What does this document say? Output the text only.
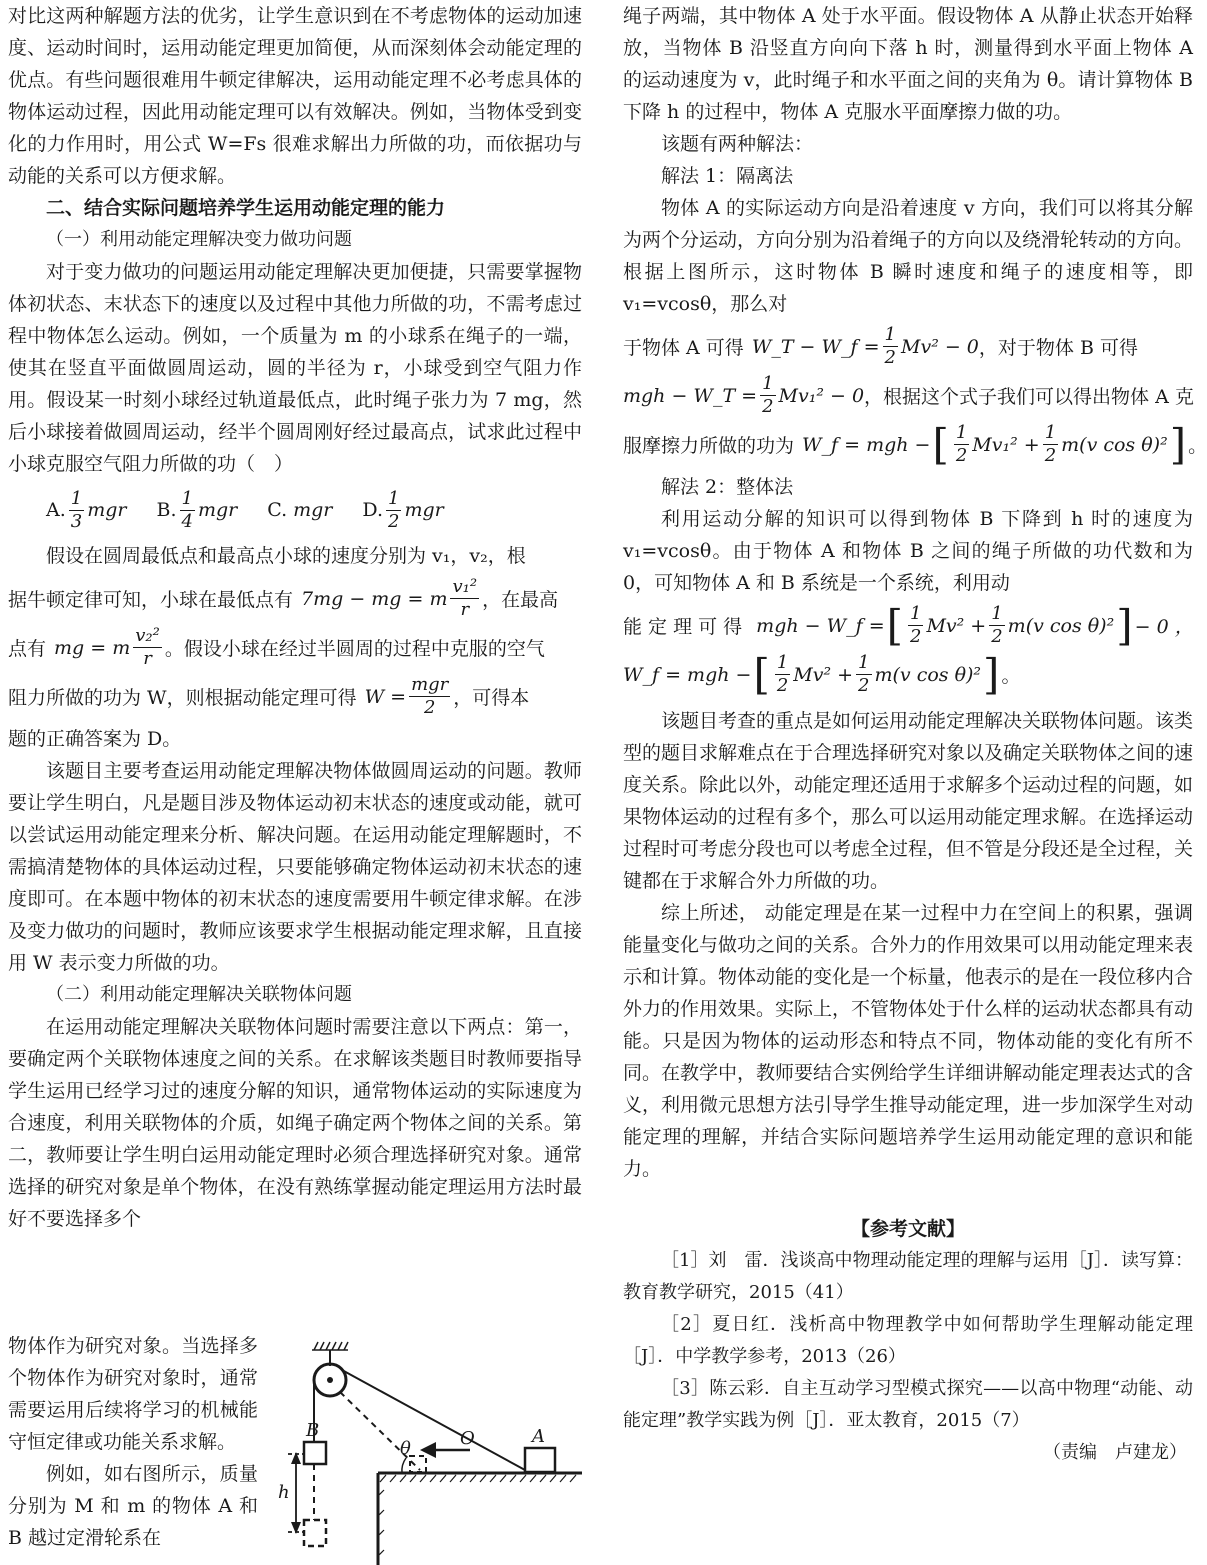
对比这两种解题方法的优劣，让学生意识到在不考虑物体的运动加速度、运动时间时，运用动能定理更加简便，从而深刻体会动能定理的优点。有些问题很难用牛顿定律解决，运用动能定理不必考虑具体的物体运动过程，因此用动能定理可以有效解决。例如，当物体受到变化的力作用时，用公式 W=Fs 很难求解出力所做的功，而依据功与动能的关系可以方便求解。

二、结合实际问题培养学生运用动能定理的能力

（一）利用动能定理解决变力做功问题

对于变力做功的问题运用动能定理解决更加便捷，只需要掌握物体初状态、末状态下的速度以及过程中其他力所做的功，不需考虑过程中物体怎么运动。例如，一个质量为 m 的小球系在绳子的一端，使其在竖直平面做圆周运动，圆的半径为 r，小球受到空气阻力作用。假设某一时刻小球经过轨道最低点，此时绳子张力为 7 mg，然后小球接着做圆周运动，经半个圆周刚好经过最高点，试求此过程中小球克服空气阻力所做的功（　）

A. $\frac{1}{3}$ mgr B. $\frac{1}{4}$ mgr C. mgr D. $\frac{1}{2}$ mgr

假设在圆周最低点和最高点小球的速度分别为 v₁，v₂，根

据牛顿定律可知，小球在最低点有 7mg − mg = m $\frac{\text{v₁²}}{r}$ ，在最高
点有 mg = m $\frac{\text{v₂²}}{r}$ 。假设小球在经过半圆周的过程中克服的空气
阻力所做的功为 W，则根据动能定理可得 $W = \frac{\text{mgr}}{2}$ ，可得本

题的正确答案为 D。

该题目主要考查运用动能定理解决物体做圆周运动的问题。教师要让学生明白，凡是题目涉及物体运动初末状态的速度或动能，就可以尝试运用动能定理来分析、解决问题。在运用动能定理解题时，不需搞清楚物体的具体运动过程，只要能够确定物体运动初末状态的速度即可。在本题中物体的初末状态的速度需要用牛顿定律求解。在涉及变力做功的问题时，教师应该要求学生根据动能定理求解，且直接用 W 表示变力所做的功。

（二）利用动能定理解决关联物体问题

在运用动能定理解决关联物体问题时需要注意以下两点：第一，要确定两个关联物体速度之间的关系。在求解该类题目时教师要指导学生运用已经学习过的速度分解的知识，通常物体运动的实际速度为合速度，利用关联物体的介质，如绳子确定两个物体之间的关系。第二，教师要让学生明白运用动能定理时必须合理选择研究对象。通常选择的研究对象是单个物体，在没有熟练掌握动能定理运用方法时最好不要选择多个

物体作为研究对象。当选择多个物体作为研究对象时，通常需要运用后续将学习的机械能守恒定律或功能关系求解。

例如，如右图所示，质量分别为 M 和 m 的物体 A 和 B 越过定滑轮系在

B	A
O
θ
h

绳子两端，其中物体 A 处于水平面。假设物体 A 从静止状态开始释放，当物体 B 沿竖直方向向下落 h 时，测量得到水平面上物体 A 的运动速度为 v，此时绳子和水平面之间的夹角为 θ。请计算物体 B 下降 h 的过程中，物体 A 克服水平面摩擦力做的功。

该题有两种解法：

解法 1：隔离法

物体 A 的实际运动方向是沿着速度 v 方向，我们可以将其分解为两个分运动，方向分别为沿着绳子的方向以及绕滑轮转动的方向。根据上图所示，这时物体 B 瞬时速度和绳子的速度相等，即 v₁=vcosθ，那么对

于物体 A 可得 W_T − W_f = $\frac{1}{2} Mv^2 - 0$ ，对于物体 B 可得
mgh − W_T = $\frac{1}{2} Mv_1^2 - 0$ ，根据这个式子我们可以得出物体 A 克
服摩擦力所做的功为 W_f = mgh − [ $\frac{1}{2} Mv_1^2 + \frac{1}{2} m(v$ cos θ)² ] 。

解法 2：整体法

利用运动分解的知识可以得到物体 B 下降到 h 时的速度为 v₁=vcosθ。由于物体 A 和物体 B 之间的绳子所做的功代数和为 0，可知物体 A 和 B 系统是一个系统，利用动

能 定 理 可 得 mgh − W_f = [ $\frac{1}{2} Mv^2 + \frac{1}{2} m(v$ cos θ)² ] − 0 ，
W_f = mgh − [ $\frac{1}{2} Mv^2 + \frac{1}{2} m(v$ cos θ)² ] 。

该题目考查的重点是如何运用动能定理解决关联物体问题。该类型的题目求解难点在于合理选择研究对象以及确定关联物体之间的速度关系。除此以外，动能定理还适用于求解多个运动过程的问题，如果物体运动的过程有多个，那么可以运用动能定理求解。在选择运动过程时可考虑分段也可以考虑全过程，但不管是分段还是全过程，关键都在于求解合外力所做的功。

综上所述， 动能定理是在某一过程中力在空间上的积累，强调能量变化与做功之间的关系。合外力的作用效果可以用动能定理来表示和计算。物体动能的变化是一个标量，他表示的是在一段位移内合外力的作用效果。实际上，不管物体处于什么样的运动状态都具有动能。只是因为物体的运动形态和特点不同，物体动能的变化有所不同。在教学中，教师要结合实例给学生详细讲解动能定理表达式的含义，利用微元思想方法引导学生推导动能定理，进一步加深学生对动能定理的理解，并结合实际问题培养学生运用动能定理的意识和能力。

【参考文献】

［1］刘　雷．浅谈高中物理动能定理的理解与运用［J］．读写算：教育教学研究，2015（41）

［2］夏日红．浅析高中物理教学中如何帮助学生理解动能定理［J］．中学教学参考，2013（26）

［3］陈云彩．自主互动学习型模式探究——以高中物理“动能、动能定理”教学实践为例［J］．亚太教育，2015（7）

（责编　卢建龙）
